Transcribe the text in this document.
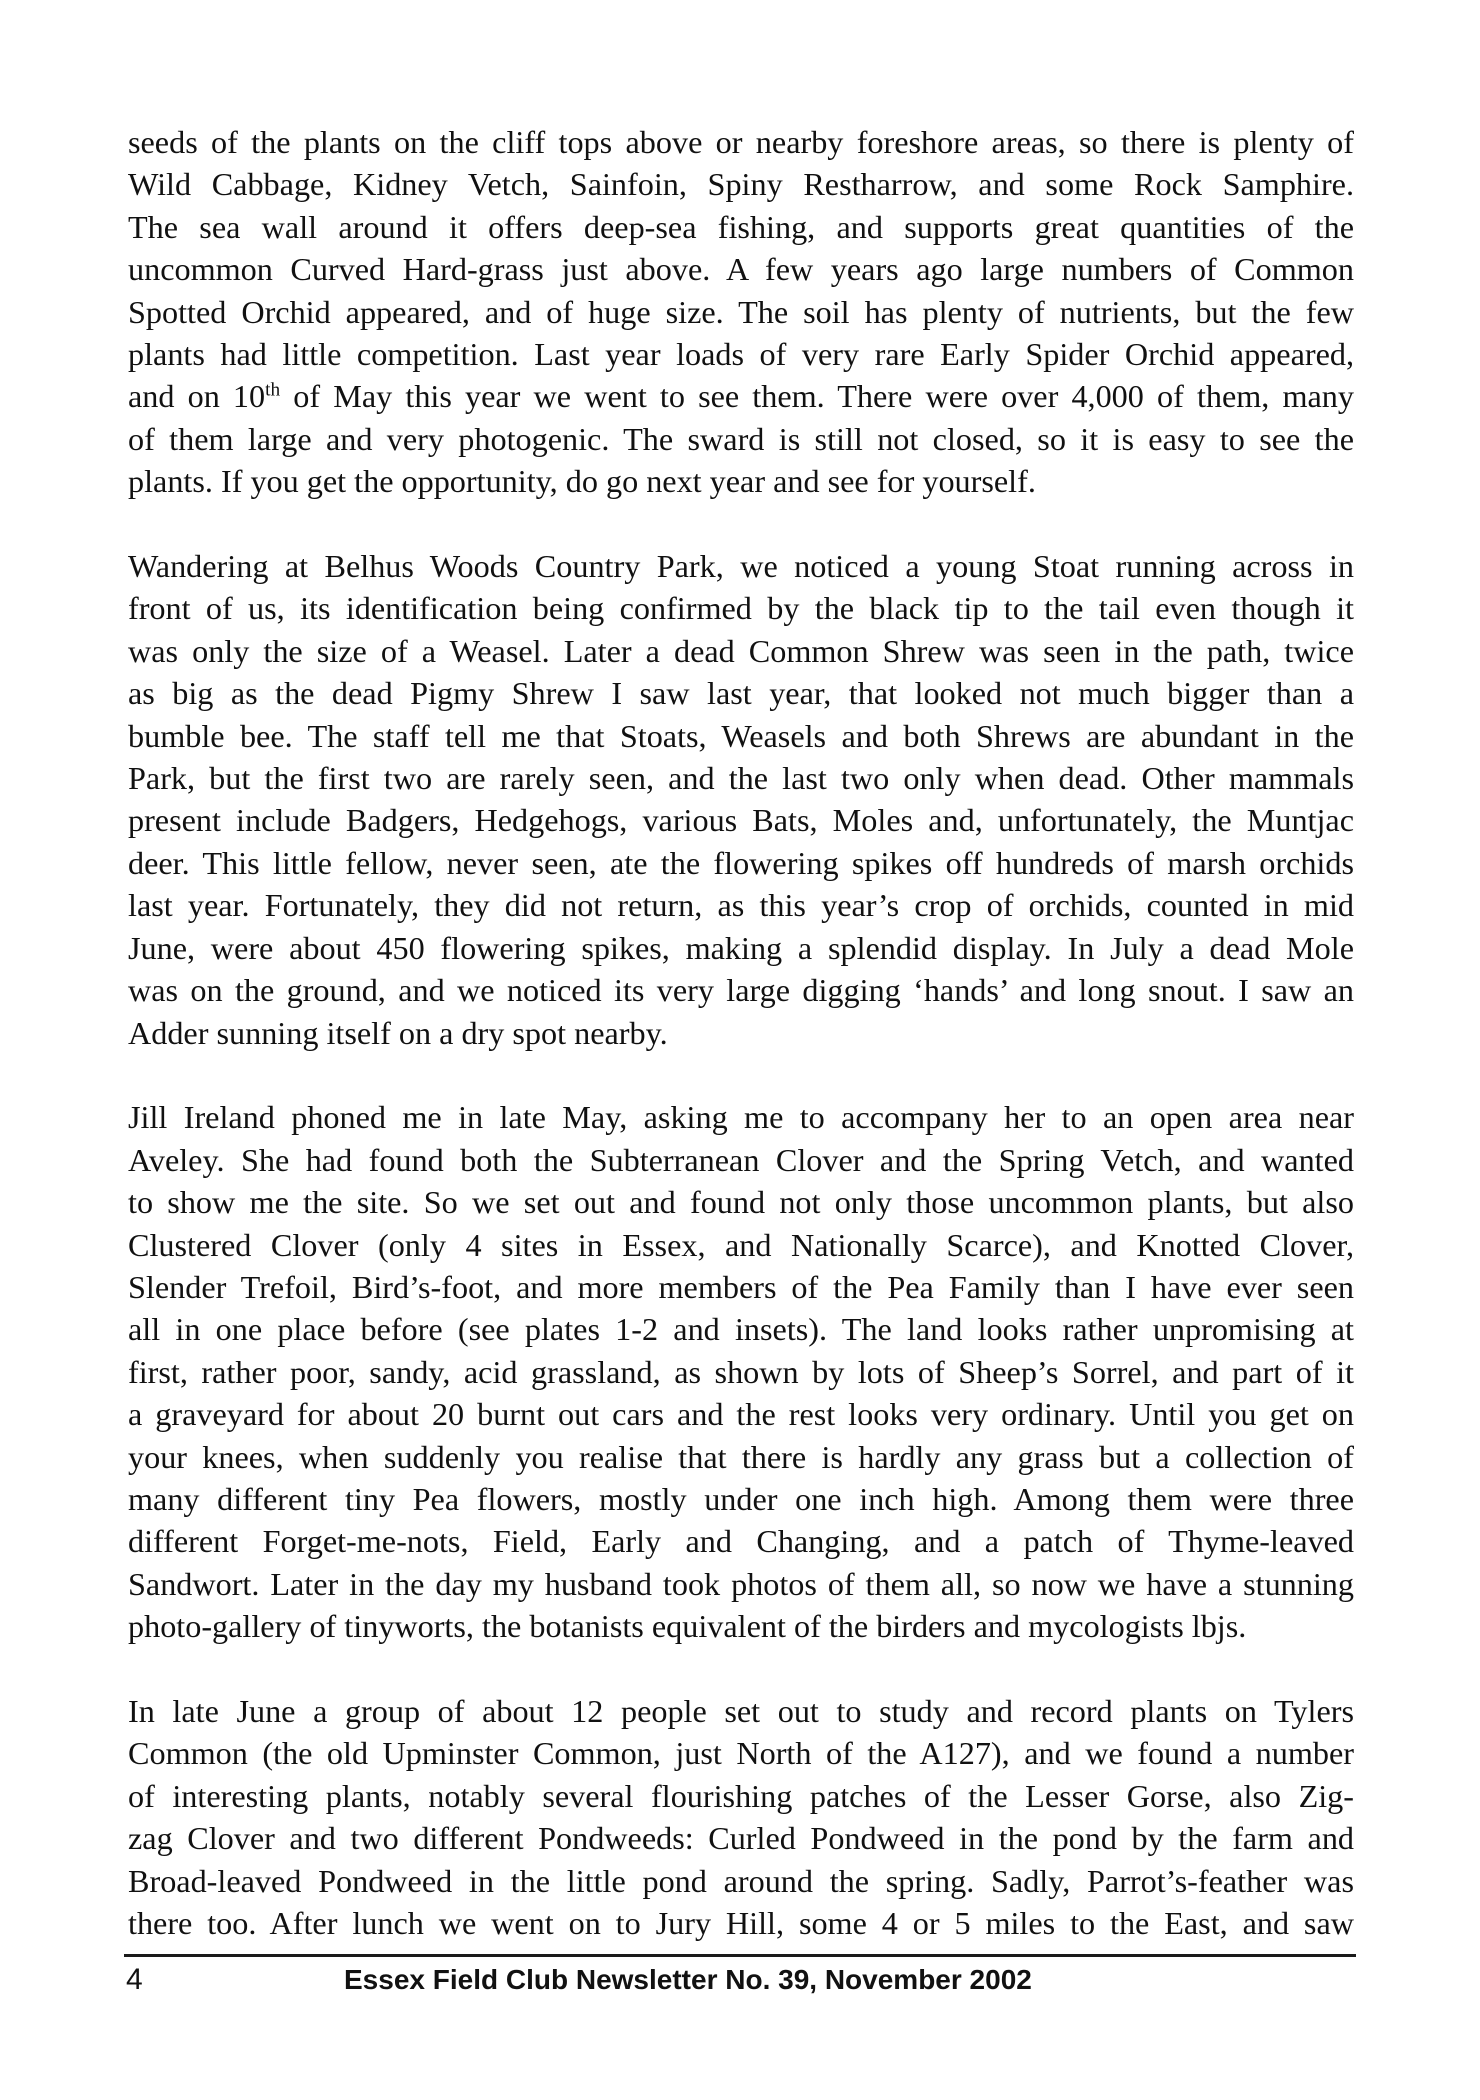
seeds of the plants on the cliff tops above or nearby foreshore areas, so there is plenty of
Wild Cabbage, Kidney Vetch, Sainfoin, Spiny Restharrow, and some Rock Samphire.
The sea wall around it offers deep-sea fishing, and supports great quantities of the
uncommon Curved Hard-grass just above. A few years ago large numbers of Common
Spotted Orchid appeared, and of huge size. The soil has plenty of nutrients, but the few
plants had little competition. Last year loads of very rare Early Spider Orchid appeared,
and on 10th of May this year we went to see them. There were over 4,000 of them, many
of them large and very photogenic. The sward is still not closed, so it is easy to see the
plants. If you get the opportunity, do go next year and see for yourself.

Wandering at Belhus Woods Country Park, we noticed a young Stoat running across in
front of us, its identification being confirmed by the black tip to the tail even though it
was only the size of a Weasel. Later a dead Common Shrew was seen in the path, twice
as big as the dead Pigmy Shrew I saw last year, that looked not much bigger than a
bumble bee. The staff tell me that Stoats, Weasels and both Shrews are abundant in the
Park, but the first two are rarely seen, and the last two only when dead. Other mammals
present include Badgers, Hedgehogs, various Bats, Moles and, unfortunately, the Muntjac
deer. This little fellow, never seen, ate the flowering spikes off hundreds of marsh orchids
last year. Fortunately, they did not return, as this year’s crop of orchids, counted in mid
June, were about 450 flowering spikes, making a splendid display. In July a dead Mole
was on the ground, and we noticed its very large digging ‘hands’ and long snout. I saw an
Adder sunning itself on a dry spot nearby.

Jill Ireland phoned me in late May, asking me to accompany her to an open area near
Aveley. She had found both the Subterranean Clover and the Spring Vetch, and wanted
to show me the site. So we set out and found not only those uncommon plants, but also
Clustered Clover (only 4 sites in Essex, and Nationally Scarce), and Knotted Clover,
Slender Trefoil, Bird’s-foot, and more members of the Pea Family than I have ever seen
all in one place before (see plates 1-2 and insets). The land looks rather unpromising at
first, rather poor, sandy, acid grassland, as shown by lots of Sheep’s Sorrel, and part of it
a graveyard for about 20 burnt out cars and the rest looks very ordinary. Until you get on
your knees, when suddenly you realise that there is hardly any grass but a collection of
many different tiny Pea flowers, mostly under one inch high. Among them were three
different Forget-me-nots, Field, Early and Changing, and a patch of Thyme-leaved
Sandwort. Later in the day my husband took photos of them all, so now we have a stunning
photo-gallery of tinyworts, the botanists equivalent of the birders and mycologists lbjs.

In late June a group of about 12 people set out to study and record plants on Tylers
Common (the old Upminster Common, just North of the A127), and we found a number
of interesting plants, notably several flourishing patches of the Lesser Gorse, also Zig-
zag Clover and two different Pondweeds: Curled Pondweed in the pond by the farm and
Broad-leaved Pondweed in the little pond around the spring. Sadly, Parrot’s-feather was
there too. After lunch we went on to Jury Hill, some 4 or 5 miles to the East, and saw

4	Essex Field Club Newsletter No. 39, November 2002
